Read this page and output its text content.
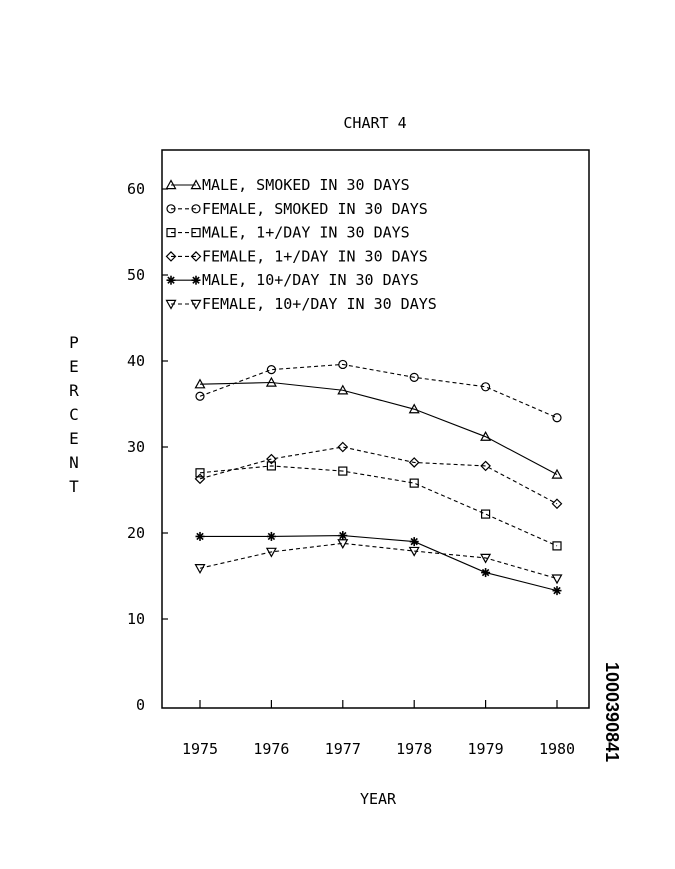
CHART 4
P
E
R
C
E
N
T
YEAR
0
10
20
30
40
50
60
1975 1976 1977 1978 1979 1980
MALE, SMOKED IN 30 DAYS
FEMALE, SMOKED IN 30 DAYS
MALE, 1+/DAY IN 30 DAYS
FEMALE, 1+/DAY IN 30 DAYS
MALE, 10+/DAY IN 30 DAYS
FEMALE, 10+/DAY IN 30 DAYS
1000390841
